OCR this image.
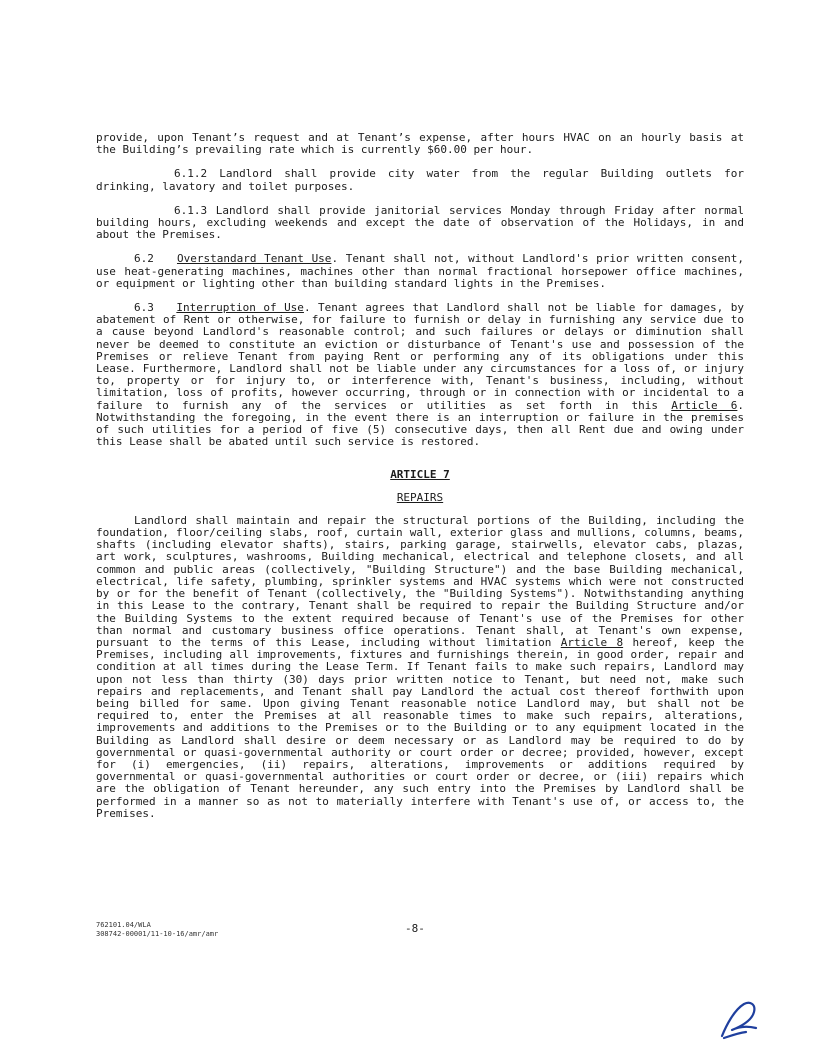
provide, upon Tenant’s request and at Tenant’s expense, after hours HVAC on an hourly basis at the Building’s prevailing rate which is currently $60.00 per hour.

6.1.2 Landlord shall provide city water from the regular Building outlets for drinking, lavatory and toilet purposes.

6.1.3 Landlord shall provide janitorial services Monday through Friday after normal building hours, excluding weekends and except the date of observation of the Holidays, in and about the Premises.

6.2 Overstandard Tenant Use. Tenant shall not, without Landlord's prior written consent, use heat-generating machines, machines other than normal fractional horsepower office machines, or equipment or lighting other than building standard lights in the Premises.

6.3 Interruption of Use. Tenant agrees that Landlord shall not be liable for damages, by abatement of Rent or otherwise, for failure to furnish or delay in furnishing any service due to a cause beyond Landlord's reasonable control; and such failures or delays or diminution shall never be deemed to constitute an eviction or disturbance of Tenant's use and possession of the Premises or relieve Tenant from paying Rent or performing any of its obligations under this Lease. Furthermore, Landlord shall not be liable under any circumstances for a loss of, or injury to, property or for injury to, or interference with, Tenant's business, including, without limitation, loss of profits, however occurring, through or in connection with or incidental to a failure to furnish any of the services or utilities as set forth in this Article 6. Notwithstanding the foregoing, in the event there is an interruption or failure in the premises of such utilities for a period of five (5) consecutive days, then all Rent due and owing under this Lease shall be abated until such service is restored.

ARTICLE 7
REPAIRS

Landlord shall maintain and repair the structural portions of the Building, including the foundation, floor/ceiling slabs, roof, curtain wall, exterior glass and mullions, columns, beams, shafts (including elevator shafts), stairs, parking garage, stairwells, elevator cabs, plazas, art work, sculptures, washrooms, Building mechanical, electrical and telephone closets, and all common and public areas (collectively, "Building Structure") and the base Building mechanical, electrical, life safety, plumbing, sprinkler systems and HVAC systems which were not constructed by or for the benefit of Tenant (collectively, the "Building Systems"). Notwithstanding anything in this Lease to the contrary, Tenant shall be required to repair the Building Structure and/or the Building Systems to the extent required because of Tenant's use of the Premises for other than normal and customary business office operations. Tenant shall, at Tenant's own expense, pursuant to the terms of this Lease, including without limitation Article 8 hereof, keep the Premises, including all improvements, fixtures and furnishings therein, in good order, repair and condition at all times during the Lease Term. If Tenant fails to make such repairs, Landlord may upon not less than thirty (30) days prior written notice to Tenant, but need not, make such repairs and replacements, and Tenant shall pay Landlord the actual cost thereof forthwith upon being billed for same. Upon giving Tenant reasonable notice Landlord may, but shall not be required to, enter the Premises at all reasonable times to make such repairs, alterations, improvements and additions to the Premises or to the Building or to any equipment located in the Building as Landlord shall desire or deem necessary or as Landlord may be required to do by governmental or quasi-governmental authority or court order or decree; provided, however, except for (i) emergencies, (ii) repairs, alterations, improvements or additions required by governmental or quasi-governmental authorities or court order or decree, or (iii) repairs which are the obligation of Tenant hereunder, any such entry into the Premises by Landlord shall be performed in a manner so as not to materially interfere with Tenant's use of, or access to, the Premises.

762101.04/WLA
308742-00001/11-10-16/amr/amr	-8-
